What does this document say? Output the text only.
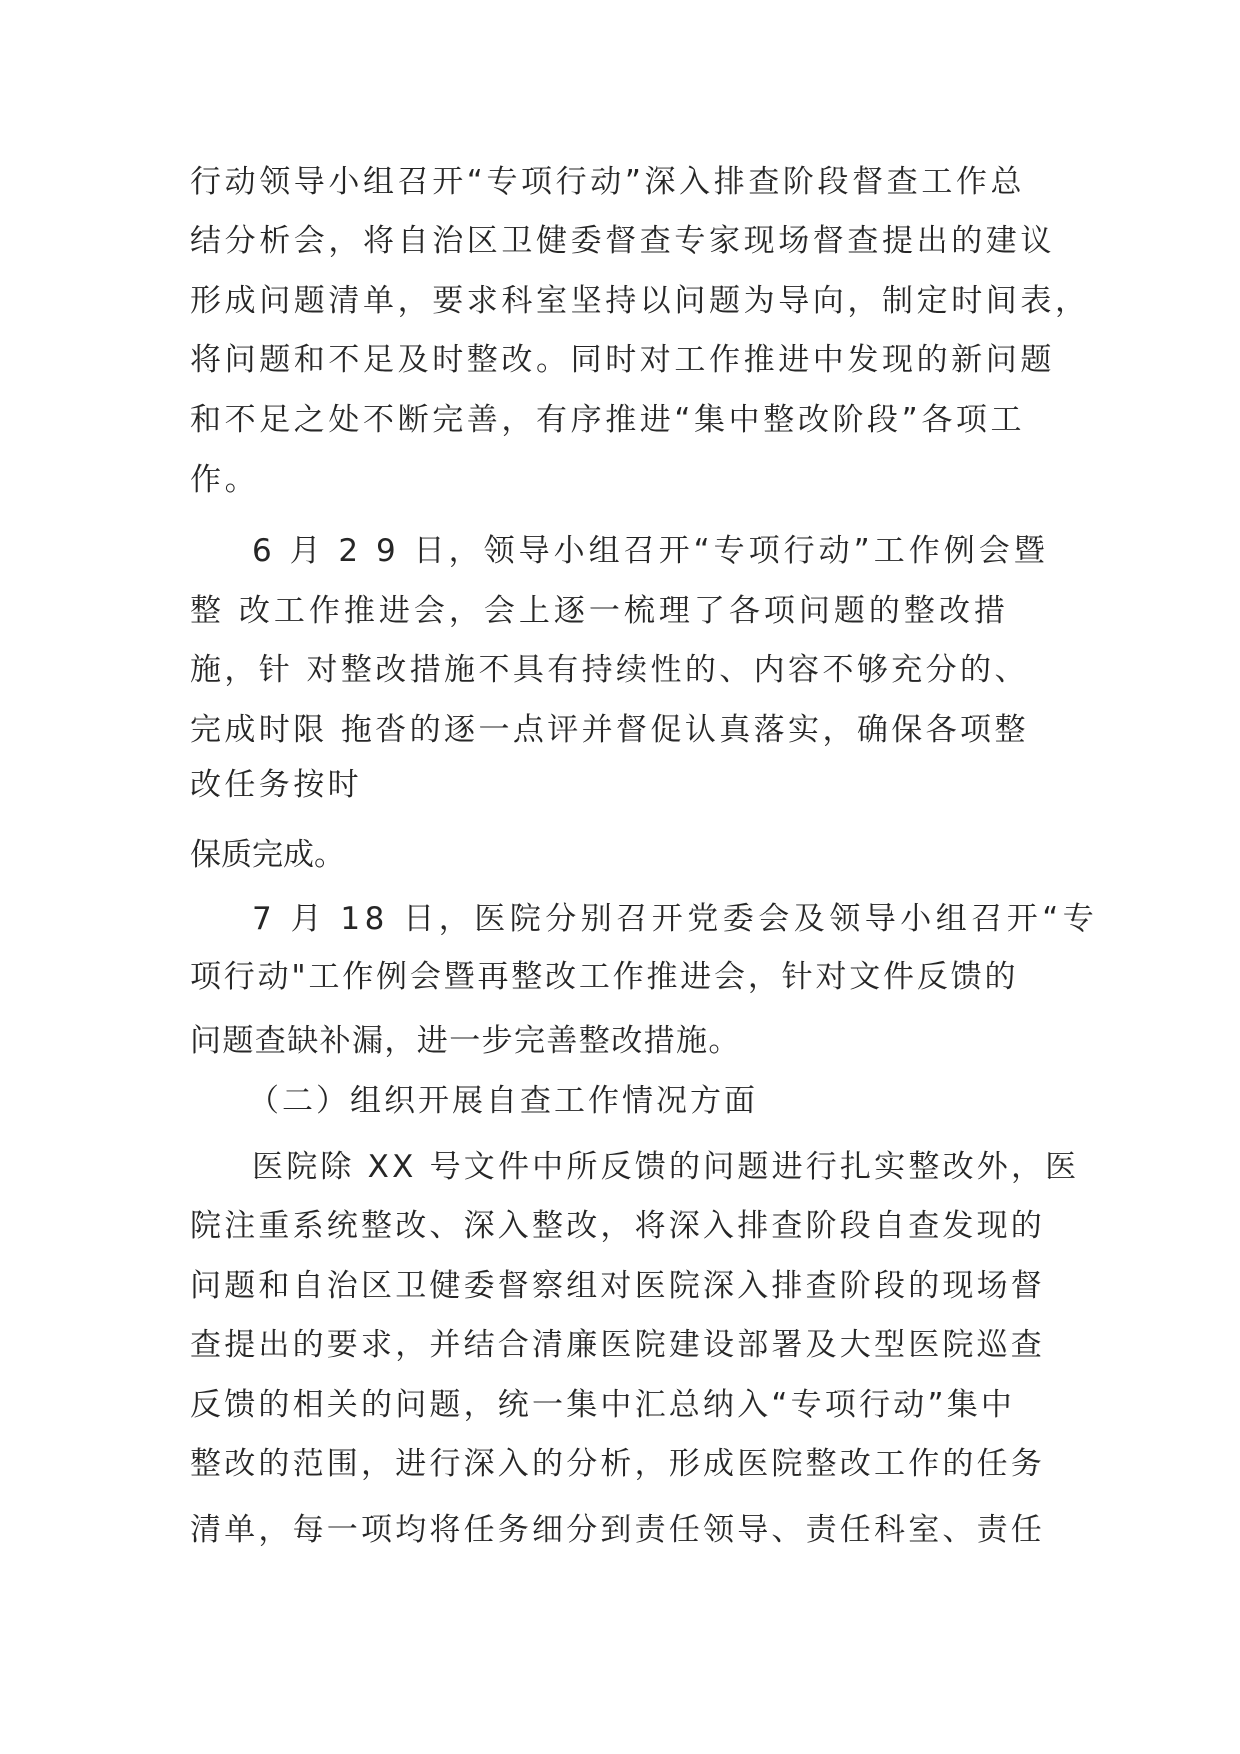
行动领导小组召开“专项行动”深入排查阶段督查工作总
结分析会，将自治区卫健委督查专家现场督查提出的建议
形成问题清单，要求科室坚持以问题为导向，制定时间表，
将问题和不足及时整改。同时对工作推进中发现的新问题
和不足之处不断完善，有序推进“集中整改阶段”各项工
作。
6 月 2 9 日，领导小组召开“专项行动”工作例会暨
整 改工作推进会，会上逐一梳理了各项问题的整改措
施，针 对整改措施不具有持续性的、内容不够充分的、
完成时限 拖沓的逐一点评并督促认真落实，确保各项整
改任务按时
保质完成。
7 月 18 日，医院分别召开党委会及领导小组召开“专
项行动"工作例会暨再整改工作推进会，针对文件反馈的
问题查缺补漏，进一步完善整改措施。
（二）组织开展自查工作情况方面
医院除 XX 号文件中所反馈的问题进行扎实整改外，医
院注重系统整改、深入整改，将深入排查阶段自查发现的
问题和自治区卫健委督察组对医院深入排查阶段的现场督
查提出的要求，并结合清廉医院建设部署及大型医院巡查
反馈的相关的问题，统一集中汇总纳入“专项行动”集中
整改的范围，进行深入的分析，形成医院整改工作的任务
清单，每一项均将任务细分到责任领导、责任科室、责任
